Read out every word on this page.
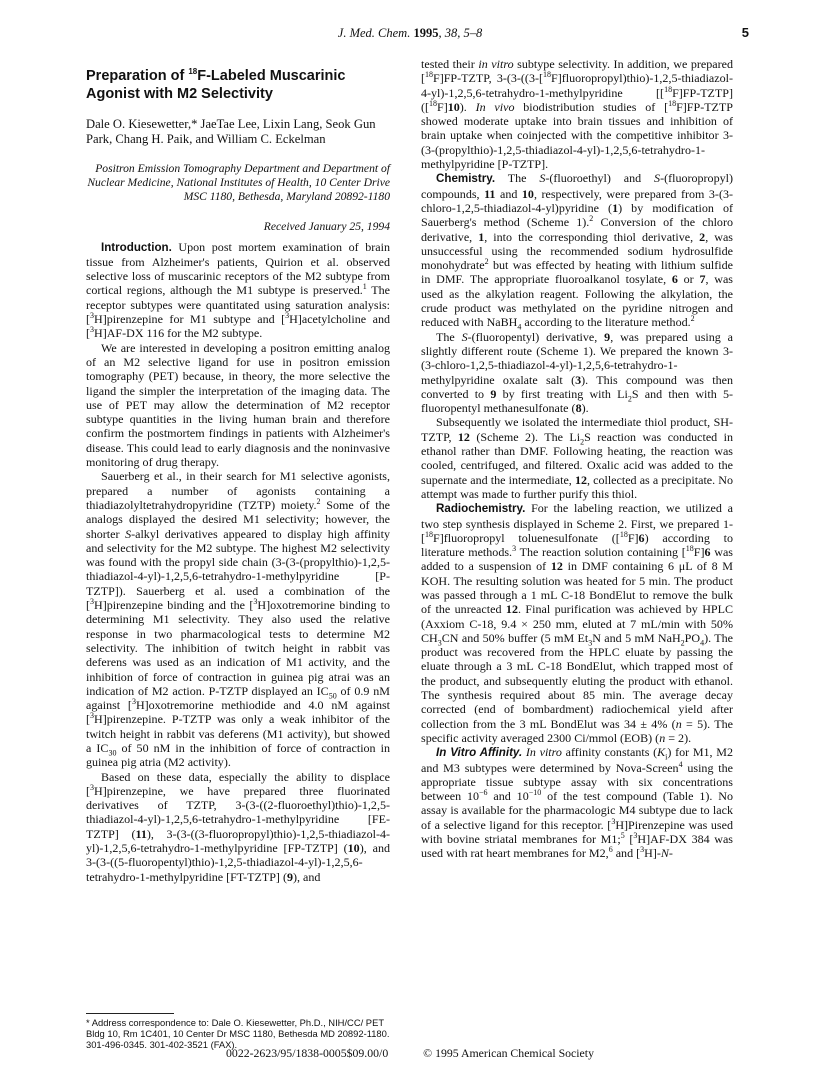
J. Med. Chem. 1995, 38, 5–8	5
Preparation of $^{18}$F-Labeled Muscarinic Agonist with M2 Selectivity
Dale O. Kiesewetter,* JaeTae Lee, Lixin Lang, Seok Gun Park, Chang H. Paik, and William C. Eckelman
Positron Emission Tomography Department and Department of Nuclear Medicine, National Institutes of Health, 10 Center Drive MSC 1180, Bethesda, Maryland 20892-1180
Received January 25, 1994

Introduction. Upon post mortem examination of brain tissue from Alzheimer's patients, Quirion et al. observed selective loss of muscarinic receptors of the M2 subtype from cortical regions, although the M1 subtype is preserved.$^1$ The receptor subtypes were quantitated using saturation analysis: [$^3$H]pirenzepine for M1 subtype and [$^3$H]acetylcholine and [$^3$H]AF-DX 116 for the M2 subtype.

We are interested in developing a positron emitting analog of an M2 selective ligand for use in positron emission tomography (PET) because, in theory, the more selective the ligand the simpler the interpretation of the imaging data. The use of PET may allow the determination of M2 receptor subtype quantities in the living human brain and therefore confirm the postmortem findings in patients with Alzheimer's disease. This could lead to early diagnosis and the noninvasive monitoring of drug therapy.

Sauerberg et al., in their search for M1 selective agonists, prepared a number of agonists containing a thiadiazolyltetrahydropyridine (TZTP) moiety.$^2$ Some of the analogs displayed the desired M1 selectivity; however, the shorter S-alkyl derivatives appeared to display high affinity and selectivity for the M2 subtype. The highest M2 selectivity was found with the propyl side chain (3-(3-(propylthio)-1,2,5-thiadiazol-4-yl)-1,2,5,6-tetrahydro-1-methylpyridine [P-TZTP]). Sauerberg et al. used a combination of the [$^3$H]pirenzepine binding and the [$^3$H]oxotremorine binding to determining M1 selectivity. They also used the relative response in two pharmacological tests to determine M2 selectivity. The inhibition of twitch height in rabbit vas deferens was used as an indication of M1 activity, and the inhibition of force of contraction in guinea pig atrai was an indication of M2 action. P-TZTP displayed an $IC_{50}$ of 0.9 nM against [$^3$H]oxotremorine methiodide and 4.0 nM against [$^3$H]pirenzepine. P-TZTP was only a weak inhibitor of the twitch height in rabbit vas deferens (M1 activity), but showed a $IC_{30}$ of 50 nM in the inhibition of force of contraction in guinea pig atria (M2 activity).

Based on these data, especially the ability to displace [$^3$H]pirenzepine, we have prepared three fluorinated derivatives of TZTP, 3-(3-((2-fluoroethyl)thio)-1,2,5-thiadiazol-4-yl)-1,2,5,6-tetrahydro-1-methylpyridine [FE-TZTP] (11), 3-(3-((3-fluoropropyl)thio)-1,2,5-thiadiazol-4-yl)-1,2,5,6-tetrahydro-1-methylpyridine [FP-TZTP] (10), and 3-(3-((5-fluoropentyl)thio)-1,2,5-thiadiazol-4-yl)-1,2,5,6-tetrahydro-1-methylpyridine [FT-TZTP] (9), and

tested their in vitro subtype selectivity. In addition, we prepared [$^{18}$F]FP-TZTP, 3-(3-((3-[$^{18}$F]fluoropropyl)thio)-1,2,5-thiadiazol-4-yl)-1,2,5,6-tetrahydro-1-methylpyridine [[$^{18}$F]FP-TZTP] ([$^{18}$F]10). In vivo biodistribution studies of [$^{18}$F]FP-TZTP showed moderate uptake into brain tissues and inhibition of brain uptake when coinjected with the competitive inhibitor 3-(3-(propylthio)-1,2,5-thiadiazol-4-yl)-1,2,5,6-tetrahydro-1-methylpyridine [P-TZTP].

Chemistry. The S-(fluoroethyl) and S-(fluoropropyl) compounds, 11 and 10, respectively, were prepared from 3-(3-chloro-1,2,5-thiadiazol-4-yl)pyridine (1) by modification of Sauerberg's method (Scheme 1).$^2$ Conversion of the chloro derivative, 1, into the corresponding thiol derivative, 2, was unsuccessful using the recommended sodium hydrosulfide monohydrate$^2$ but was effected by heating with lithium sulfide in DMF. The appropriate fluoroalkanol tosylate, 6 or 7, was used as the alkylation reagent. Following the alkylation, the crude product was methylated on the pyridine nitrogen and reduced with NaBH$_4$ according to the literature method.$^2$

The S-(fluoropentyl) derivative, 9, was prepared using a slightly different route (Scheme 1). We prepared the known 3-(3-chloro-1,2,5-thiadiazol-4-yl)-1,2,5,6-tetrahydro-1-methylpyridine oxalate salt (3). This compound was then converted to 9 by first treating with $Li_2S$ and then with 5-fluoropentyl methanesulfonate (8).

Subsequently we isolated the intermediate thiol product, SH-TZTP, 12 (Scheme 2). The $Li_2S$ reaction was conducted in ethanol rather than DMF. Following heating, the reaction was cooled, centrifuged, and filtered. Oxalic acid was added to the supernate and the intermediate, 12, collected as a precipitate. No attempt was made to further purify this thiol.

Radiochemistry. For the labeling reaction, we utilized a two step synthesis displayed in Scheme 2. First, we prepared 1-[$^{18}$F]fluoropropyl toluenesulfonate ([$^{18}$F]6) according to literature methods.$^3$ The reaction solution containing [$^{18}$F]6 was added to a suspension of 12 in DMF containing 6 μL of 8 M KOH. The resulting solution was heated for 5 min. The product was passed through a 1 mL C-18 BondElut to remove the bulk of the unreacted 12. Final purification was achieved by HPLC (Axxiom C-18, 9.4 × 250 mm, eluted at 7 mL/min with 50% $CH_3CN$ and 50% buffer (5 mM $Et_3N$ and 5 mM $NaH_2PO_4$). The product was recovered from the HPLC eluate by passing the eluate through a 3 mL C-18 BondElut, which trapped most of the product, and subsequently eluting the product with ethanol. The synthesis required about 85 min. The average decay corrected (end of bombardment) radiochemical yield after collection from the 3 mL BondElut was 34 ± 4% (n = 5). The specific activity averaged 2300 Ci/mmol (EOB) (n = 2).

In Vitro Affinity. In vitro affinity constants $(K_i)$ for M1, M2 and M3 subtypes were determined by Nova-Screen$^4$ using the appropriate tissue subtype assay with six concentrations between $10^{-6}$ and $10^{-10}$ of the test compound (Table 1). No assay is available for the pharmacologic M4 subtype due to lack of a selective ligand for this receptor. [$^3$H]Pirenzepine was used with bovine striatal membranes for M1;$^5$ [$^3$H]AF-DX 384 was used with rat heart membranes for M2,$^6$ and [$^3$H]-N-

* Address correspondence to: Dale O. Kiesewetter, Ph.D., NIH/CC/ PET Bldg 10, Rm 1C401, 10 Center Dr MSC 1180, Bethesda MD 20892-1180. 301-496-0345. 301-402-3521 (FAX).
0022-2623/95/1838-0005$09.00/0	© 1995 American Chemical Society
